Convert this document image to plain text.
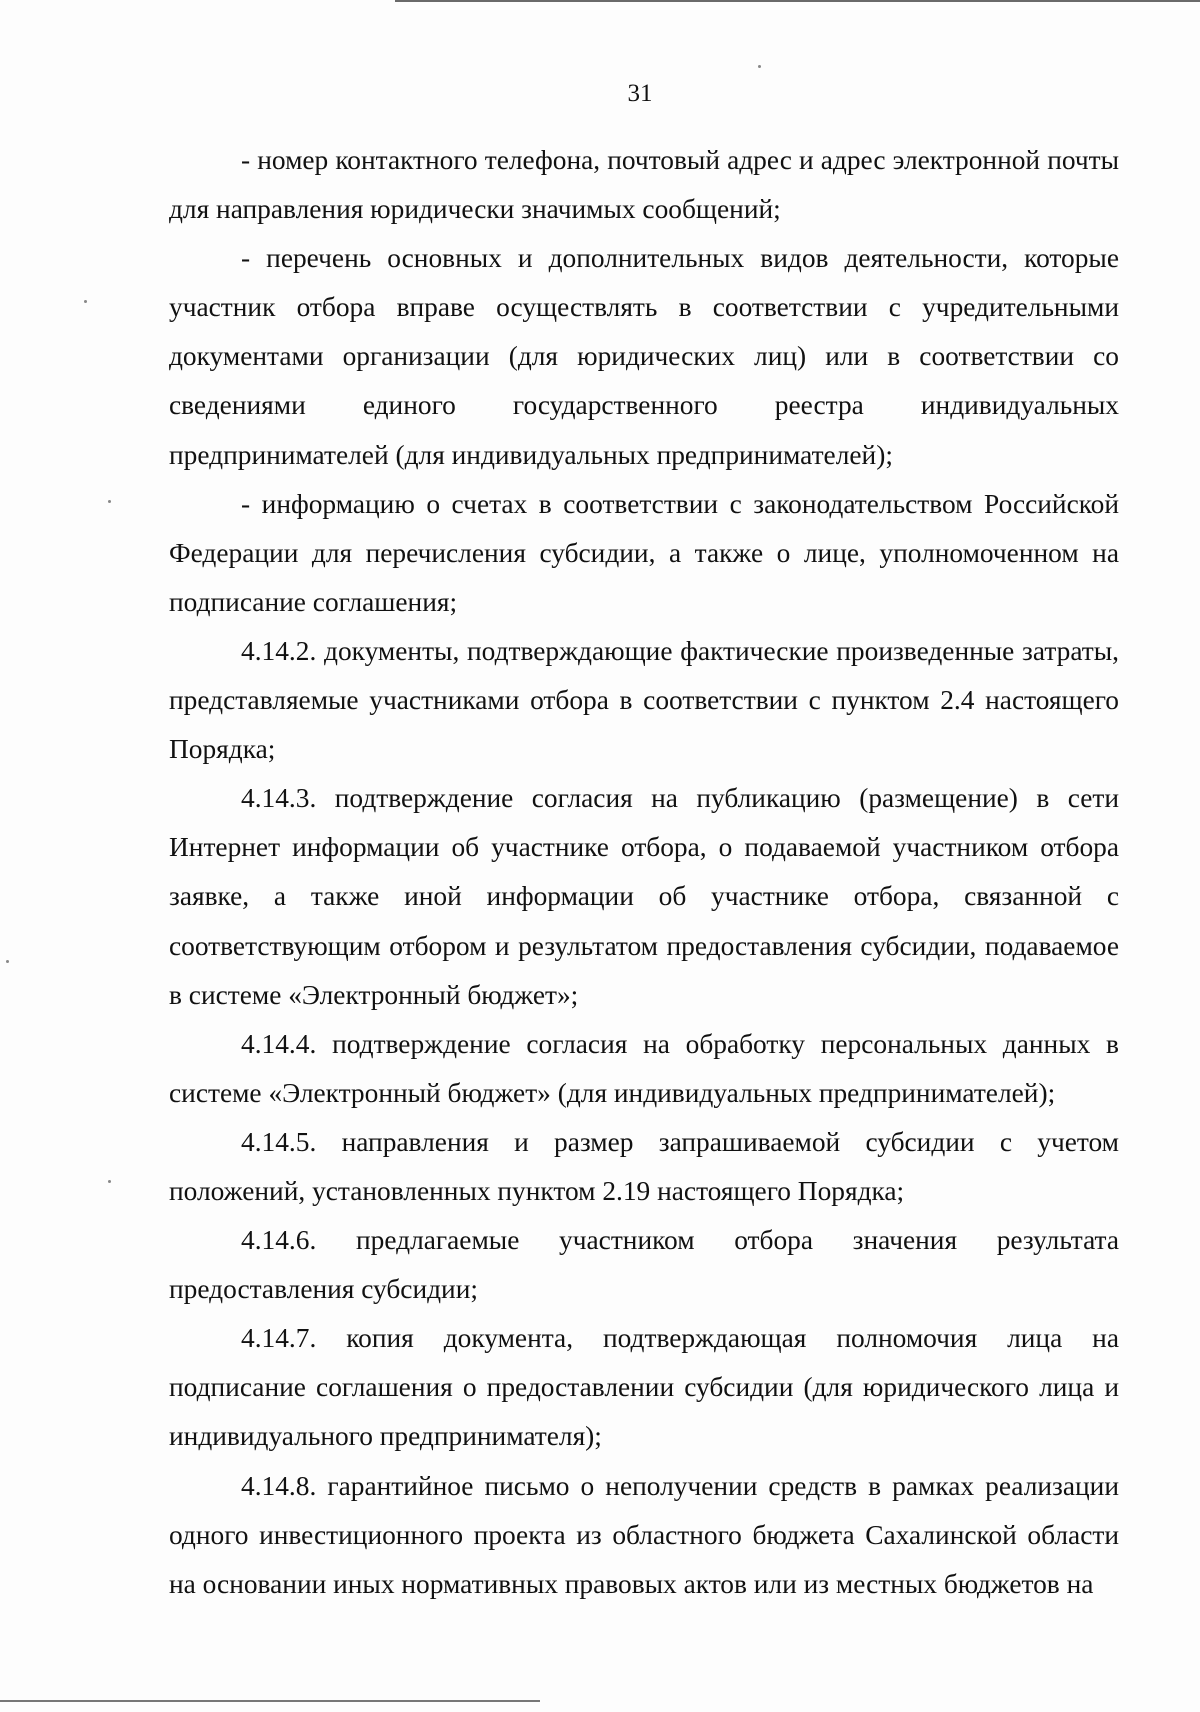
31

- номер контактного телефона, почтовый адрес и адрес электронной почты для направления юридически значимых сообщений;

- перечень основных и дополнительных видов деятельности, которые участник отбора вправе осуществлять в соответствии с учредительными документами организации (для юридических лиц) или в соответствии со сведениями единого государственного реестра индивидуальных предпринимателей (для индивидуальных предпринимателей);

- информацию о счетах в соответствии с законодательством Российской Федерации для перечисления субсидии, а также о лице, уполномоченном на подписание соглашения;

4.14.2. документы, подтверждающие фактические произведенные затраты, представляемые участниками отбора в соответствии с пунктом 2.4 настоящего Порядка;

4.14.3. подтверждение согласия на публикацию (размещение) в сети Интернет информации об участнике отбора, о подаваемой участником отбора заявке, а также иной информации об участнике отбора, связанной с соответствующим отбором и результатом предоставления субсидии, подаваемое в системе «Электронный бюджет»;

4.14.4. подтверждение согласия на обработку персональных данных в системе «Электронный бюджет» (для индивидуальных предпринимателей);

4.14.5. направления и размер запрашиваемой субсидии с учетом положений, установленных пунктом 2.19 настоящего Порядка;

4.14.6. предлагаемые участником отбора значения результата предоставления субсидии;

4.14.7. копия документа, подтверждающая полномочия лица на подписание соглашения о предоставлении субсидии (для юридического лица и индивидуального предпринимателя);

4.14.8. гарантийное письмо о неполучении средств в рамках реализации одного инвестиционного проекта из областного бюджета Сахалинской области на основании иных нормативных правовых актов или из местных бюджетов на
